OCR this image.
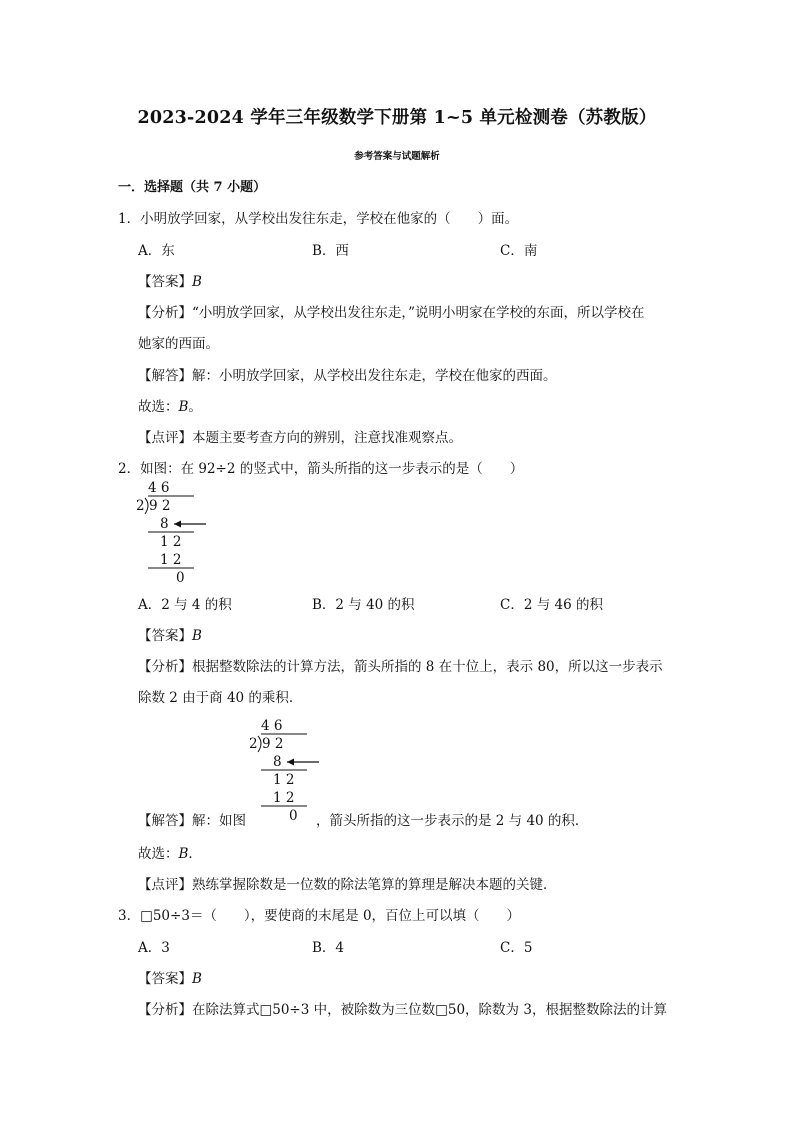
2023-2024 学年三年级数学下册第 1~5 单元检测卷（苏教版）
参考答案与试题解析
一．选择题（共 7 小题）
1．小明放学回家，从学校出发往东走，学校在他家的（　　）面。
A．东	B．西	C．南
【答案】B
【分析】“小明放学回家，从学校出发往东走，”说明小明家在学校的东面，所以学校在
她家的西面。
【解答】解：小明放学回家，从学校出发往东走，学校在他家的西面。
故选：B。
【点评】本题主要考查方向的辨别，注意找准观察点。
2．如图：在 92÷2 的竖式中，箭头所指的这一步表示的是（　　）
4 6
2 9 2
8
1 2
1 2
0
A．2 与 4 的积	B．2 与 40 的积	C．2 与 46 的积
【答案】B
【分析】根据整数除法的计算方法，箭头所指的 8 在十位上，表示 80，所以这一步表示
除数 2 由于商 40 的乘积．
4 6
2 9 2
8
1 2
1 2
0
【解答】解：如图	，箭头所指的这一步表示的是 2 与 40 的积．
故选：B．
【点评】熟练掌握除数是一位数的除法笔算的算理是解决本题的关键．
3．□50÷3＝（　　），要使商的末尾是 0，百位上可以填（　　）
A．3	B．4	C．5
【答案】B
【分析】在除法算式□50÷3 中，被除数为三位数□50，除数为 3，根据整数除法的计算
